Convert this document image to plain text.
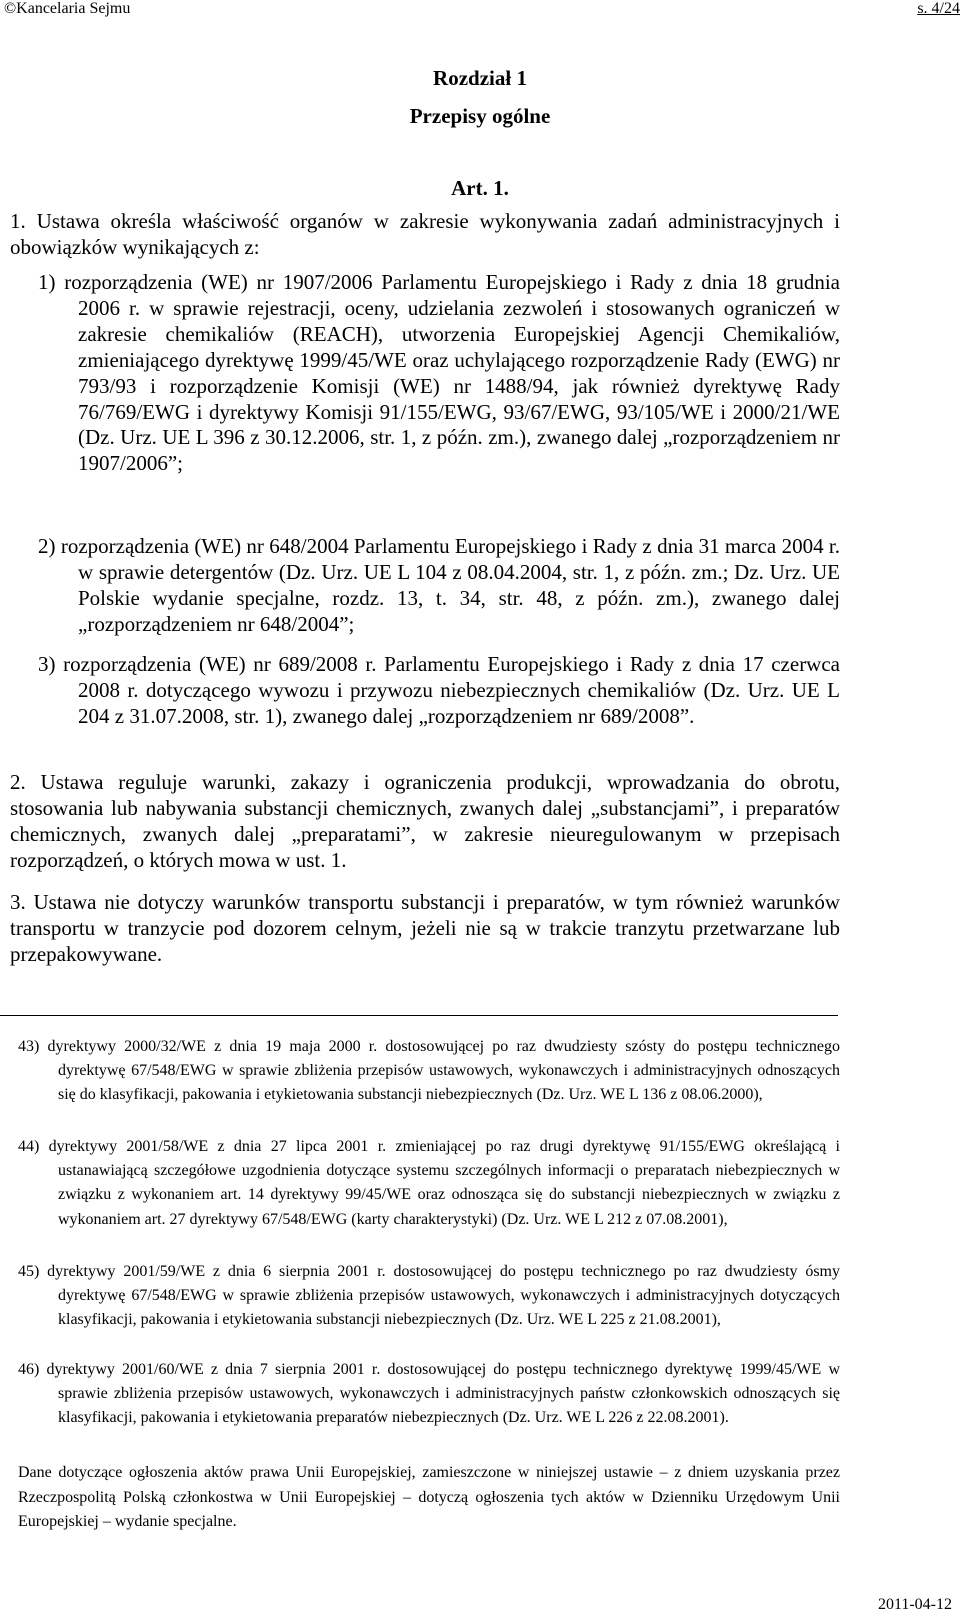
©Kancelaria Sejmu	s. 4/24
Rozdział 1
Przepisy ogólne
Art. 1.
1. Ustawa określa właściwość organów w zakresie wykonywania zadań administracyjnych i obowiązków wynikających z:
1) rozporządzenia (WE) nr 1907/2006 Parlamentu Europejskiego i Rady z dnia 18 grudnia 2006 r. w sprawie rejestracji, oceny, udzielania zezwoleń i stosowanych ograniczeń w zakresie chemikaliów (REACH), utworzenia Europejskiej Agencji Chemikaliów, zmieniającego dyrektywę 1999/45/WE oraz uchylającego rozporządzenie Rady (EWG) nr 793/93 i rozporządzenie Komisji (WE) nr 1488/94, jak również dyrektywę Rady 76/769/EWG i dyrektywy Komisji 91/155/EWG, 93/67/EWG, 93/105/WE i 2000/21/WE (Dz. Urz. UE L 396 z 30.12.2006, str. 1, z późn. zm.), zwanego dalej „rozporządzeniem nr 1907/2006”;
2) rozporządzenia (WE) nr 648/2004 Parlamentu Europejskiego i Rady z dnia 31 marca 2004 r. w sprawie detergentów (Dz. Urz. UE L 104 z 08.04.2004, str. 1, z późn. zm.; Dz. Urz. UE Polskie wydanie specjalne, rozdz. 13, t. 34, str. 48, z późn. zm.), zwanego dalej „rozporządzeniem nr 648/2004”;
3) rozporządzenia (WE) nr 689/2008 r. Parlamentu Europejskiego i Rady z dnia 17 czerwca 2008 r. dotyczącego wywozu i przywozu niebezpiecznych chemikaliów (Dz. Urz. UE L 204 z 31.07.2008, str. 1), zwanego dalej „rozporządzeniem nr 689/2008”.
2. Ustawa reguluje warunki, zakazy i ograniczenia produkcji, wprowadzania do obrotu, stosowania lub nabywania substancji chemicznych, zwanych dalej „substancjami”, i preparatów chemicznych, zwanych dalej „preparatami”, w zakresie nieuregulowanym w przepisach rozporządzeń, o których mowa w ust. 1.
3. Ustawa nie dotyczy warunków transportu substancji i preparatów, w tym również warunków transportu w tranzycie pod dozorem celnym, jeżeli nie są w trakcie tranzytu przetwarzane lub przepakowywane.
43) dyrektywy 2000/32/WE z dnia 19 maja 2000 r. dostosowującej po raz dwudziesty szósty do postępu technicznego dyrektywę 67/548/EWG w sprawie zbliżenia przepisów ustawowych, wykonawczych i administracyjnych odnoszących się do klasyfikacji, pakowania i etykietowania substancji niebezpiecznych (Dz. Urz. WE L 136 z 08.06.2000),
44) dyrektywy 2001/58/WE z dnia 27 lipca 2001 r. zmieniającej po raz drugi dyrektywę 91/155/EWG określającą i ustanawiającą szczegółowe uzgodnienia dotyczące systemu szczególnych informacji o preparatach niebezpiecznych w związku z wykonaniem art. 14 dyrektywy 99/45/WE oraz odnosząca się do substancji niebezpiecznych w związku z wykonaniem art. 27 dyrektywy 67/548/EWG (karty charakterystyki) (Dz. Urz. WE L 212 z 07.08.2001),
45) dyrektywy 2001/59/WE z dnia 6 sierpnia 2001 r. dostosowującej do postępu technicznego po raz dwudziesty ósmy dyrektywę 67/548/EWG w sprawie zbliżenia przepisów ustawowych, wykonawczych i administracyjnych dotyczących klasyfikacji, pakowania i etykietowania substancji niebezpiecznych (Dz. Urz. WE L 225 z 21.08.2001),
46) dyrektywy 2001/60/WE z dnia 7 sierpnia 2001 r. dostosowującej do postępu technicznego dyrektywę 1999/45/WE w sprawie zbliżenia przepisów ustawowych, wykonawczych i administracyjnych państw członkowskich odnoszących się klasyfikacji, pakowania i etykietowania preparatów niebezpiecznych (Dz. Urz. WE L 226 z 22.08.2001).
Dane dotyczące ogłoszenia aktów prawa Unii Europejskiej, zamieszczone w niniejszej ustawie – z dniem uzyskania przez Rzeczpospolitą Polską członkostwa w Unii Europejskiej – dotyczą ogłoszenia tych aktów w Dzienniku Urzędowym Unii Europejskiej – wydanie specjalne.
2011-04-12
